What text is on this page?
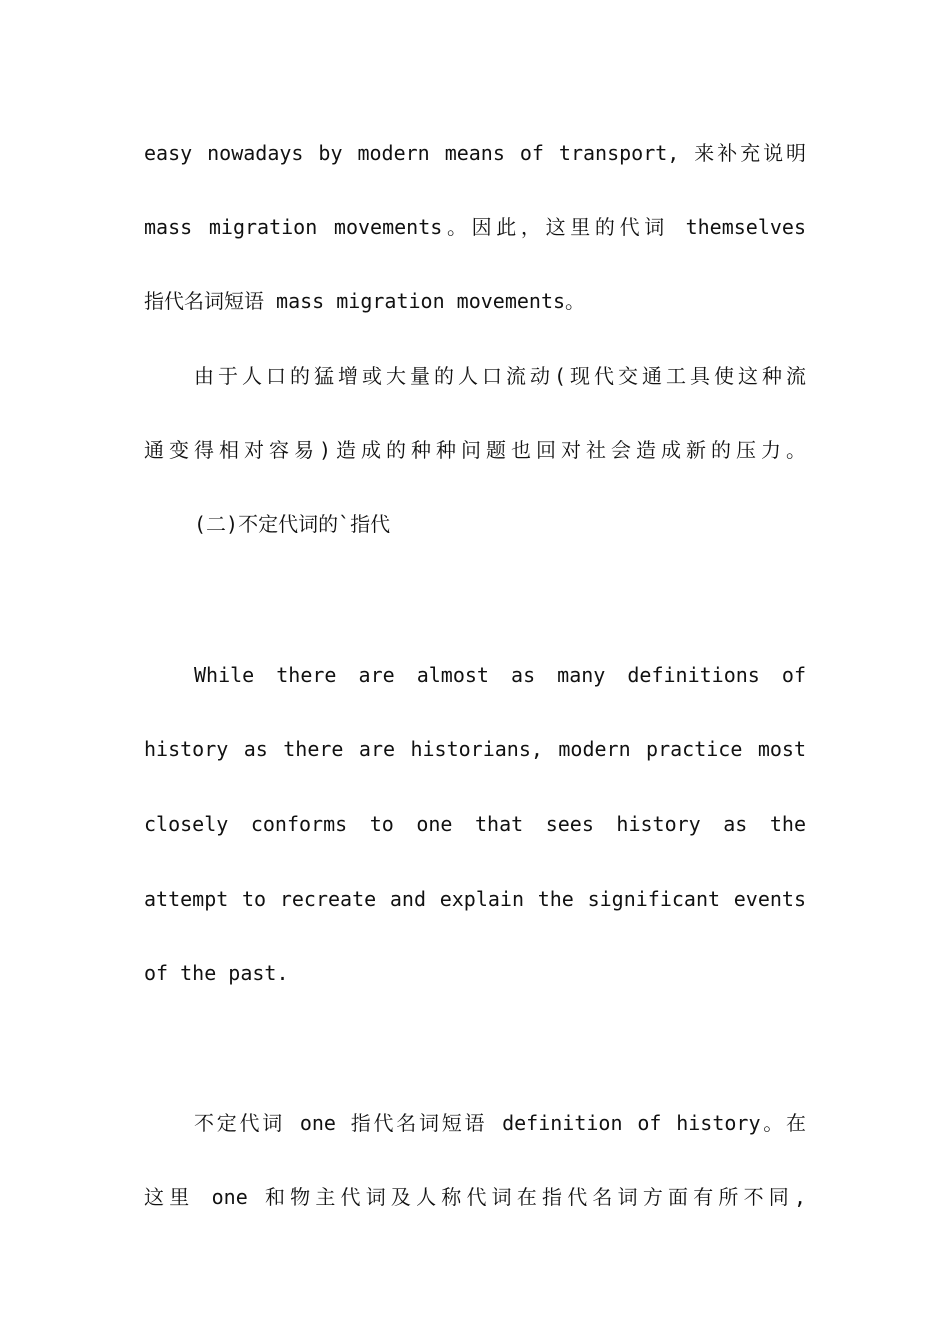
easy nowadays by modern means of transport, 来补充说明
mass migration movements。因此，这里的代词 themselves
指代名词短语 mass migration movements。
由于人口的猛增或大量的人口流动(现代交通工具使这种流
通变得相对容易)造成的种种问题也回对社会造成新的压力。
(二)不定代词的`指代
While there are almost as many definitions of
history as there are historians, modern practice most
closely conforms to one that sees history as the
attempt to recreate and explain the significant events
of the past.
不定代词 one 指代名词短语 definition of history。在
这里 one 和物主代词及人称代词在指代名词方面有所不同,
